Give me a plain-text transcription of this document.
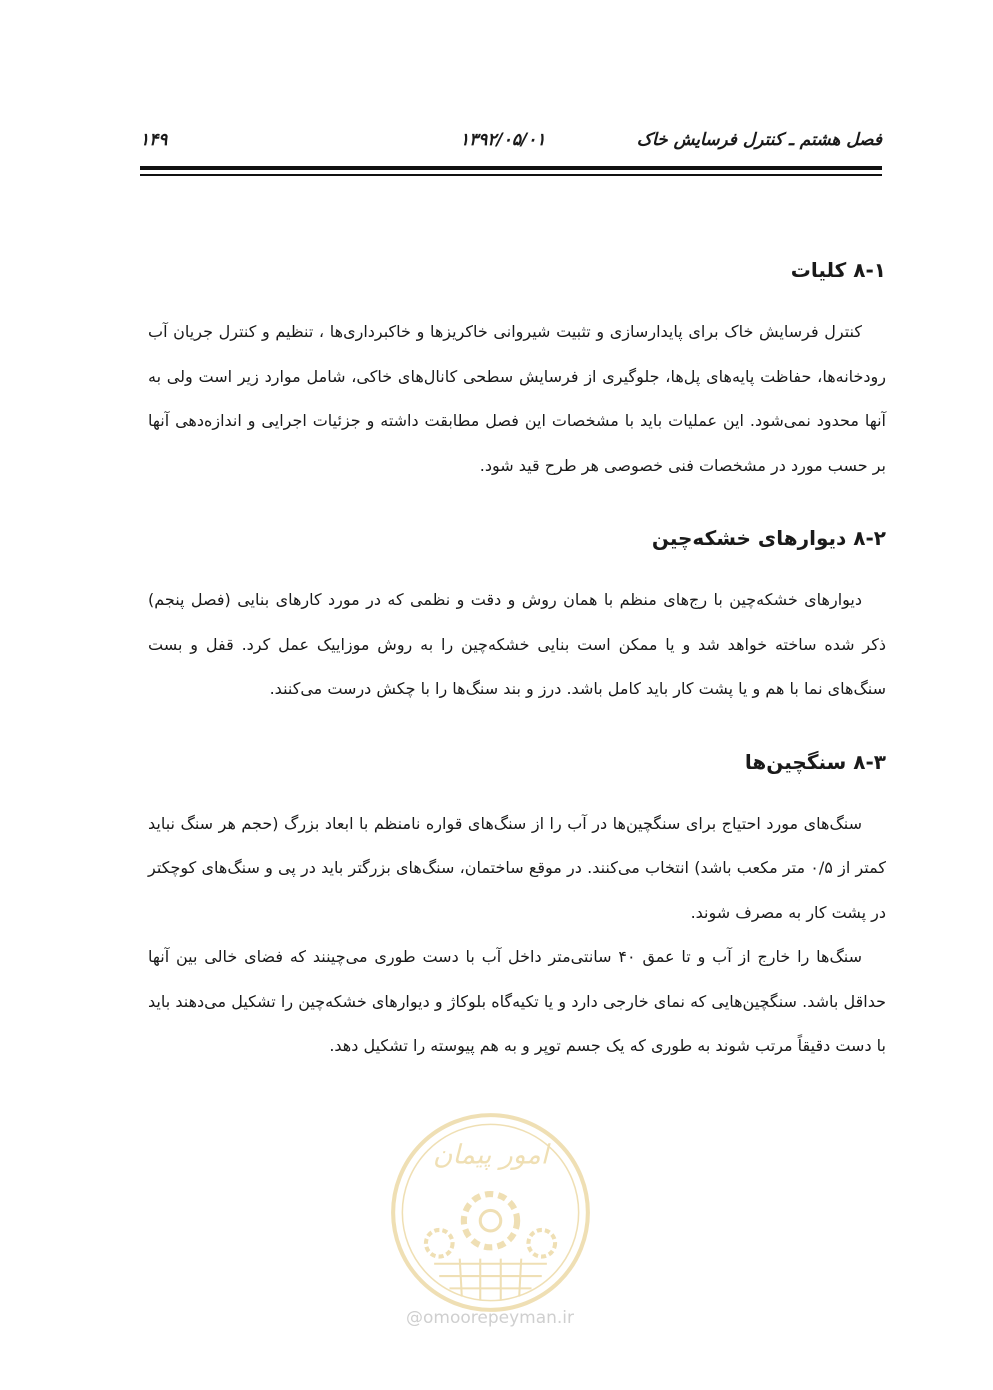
فصل هشتم ـ کنترل فرسایش خاک
۱۳۹۲/۰۵/۰۱
۱۴۹
۸-۱ کلیات

کنترل فرسایش خاک برای پایدارسازی و تثبیت شیروانی خاکریزها و خاکبرداری‌ها ، تنظیم و کنترل جریان آب رودخانه‌ها، حفاظت پایه‌های پل‌ها، جلوگیری از فرسایش سطحی کانال‌های خاکی، شامل موارد زیر است ولی به آنها محدود نمی‌شود. این عملیات باید با مشخصات این فصل مطابقت داشته و جزئیات اجرایی و اندازه‌دهی آنها بر حسب مورد در مشخصات فنی خصوصی هر طرح قید شود.

۸-۲ دیوارهای خشکه‌چین

دیوارهای خشکه‌چین با رج‌های منظم با همان روش و دقت و نظمی که در مورد کارهای بنایی (فصل پنجم) ذکر شده ساخته خواهد شد و یا ممکن است بنایی خشکه‌چین را به روش موزاییک عمل کرد. قفل و بست سنگ‌های نما با هم و یا پشت کار باید کامل باشد. درز و بند سنگ‌ها را با چکش درست می‌کنند.

۸-۳ سنگچین‌ها

سنگ‌های مورد احتیاج برای سنگچین‌ها در آب را از سنگ‌های قواره نامنظم با ابعاد بزرگ (حجم هر سنگ نباید کمتر از ۰/۵ متر مکعب باشد) انتخاب می‌کنند. در موقع ساختمان، سنگ‌های بزرگتر باید در پی و سنگ‌های کوچکتر در پشت کار به مصرف شوند.

سنگ‌ها را خارج از آب و تا عمق ۴۰ سانتی‌متر داخل آب با دست طوری می‌چینند که فضای خالی بین آنها حداقل باشد. سنگچین‌هایی که نمای خارجی دارد و یا تکیه‌گاه بلوکاژ و دیوارهای خشکه‌چین را تشکیل می‌دهند باید با دست دقیقاً مرتب شوند به طوری که یک جسم توپر و به هم پیوسته را تشکیل دهد.

امور پیمان
@omoorepeyman.ir
